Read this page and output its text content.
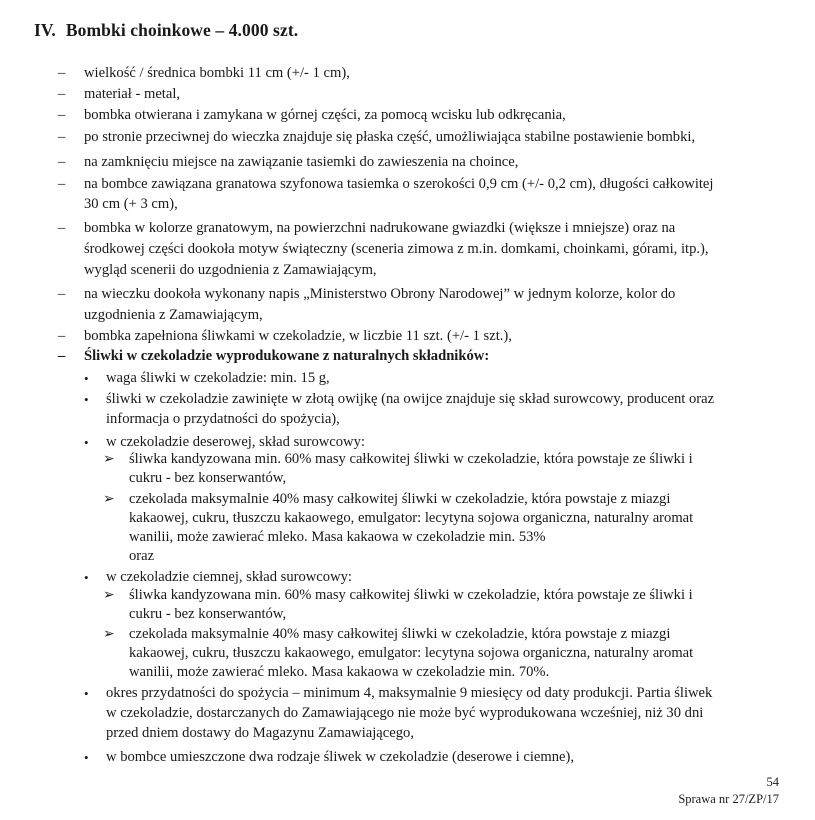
IV. Bombki choinkowe – 4.000 szt.
– wielkość / średnica bombki 11 cm (+/- 1 cm),
– materiał - metal,
– bombka otwierana i zamykana w górnej części, za pomocą wcisku lub odkręcania,
– po stronie przeciwnej do wieczka znajduje się płaska część, umożliwiająca stabilne postawienie bombki,
– na zamknięciu miejsce na zawiązanie tasiemki do zawieszenia na choince,
– na bombce zawiązana granatowa szyfonowa tasiemka o szerokości 0,9 cm (+/- 0,2 cm), długości całkowitej
30 cm (+ 3 cm),
– bombka w kolorze granatowym, na powierzchni nadrukowane gwiazdki (większe i mniejsze) oraz na
środkowej części dookoła motyw świąteczny (sceneria zimowa z m.in. domkami, choinkami, górami, itp.),
wygląd scenerii do uzgodnienia z Zamawiającym,
– na wieczku dookoła wykonany napis „Ministerstwo Obrony Narodowej” w jednym kolorze, kolor do
uzgodnienia z Zamawiającym,
– bombka zapełniona śliwkami w czekoladzie, w liczbie 11 szt. (+/- 1 szt.),
– Śliwki w czekoladzie wyprodukowane z naturalnych składników:
• waga śliwki w czekoladzie: min. 15 g,
• śliwki w czekoladzie zawinięte w złotą owijkę (na owijce znajduje się skład surowcowy, producent oraz
informacja o przydatności do spożycia),
• w czekoladzie deserowej, skład surowcowy:
➢ śliwka kandyzowana min. 60% masy całkowitej śliwki w czekoladzie, która powstaje ze śliwki i
cukru - bez konserwantów,
➢ czekolada maksymalnie 40% masy całkowitej śliwki w czekoladzie, która powstaje z miazgi
kakaowej, cukru, tłuszczu kakaowego, emulgator: lecytyna sojowa organiczna, naturalny aromat
wanilii, może zawierać mleko. Masa kakaowa w czekoladzie min. 53%
oraz
• w czekoladzie ciemnej, skład surowcowy:
➢ śliwka kandyzowana min. 60% masy całkowitej śliwki w czekoladzie, która powstaje ze śliwki i
cukru - bez konserwantów,
➢ czekolada maksymalnie 40% masy całkowitej śliwki w czekoladzie, która powstaje z miazgi
kakaowej, cukru, tłuszczu kakaowego, emulgator: lecytyna sojowa organiczna, naturalny aromat
wanilii, może zawierać mleko. Masa kakaowa w czekoladzie min. 70%.
• okres przydatności do spożycia – minimum 4, maksymalnie 9 miesięcy od daty produkcji. Partia śliwek
w czekoladzie, dostarczanych do Zamawiającego nie może być wyprodukowana wcześniej, niż 30 dni
przed dniem dostawy do Magazynu Zamawiającego,
• w bombce umieszczone dwa rodzaje śliwek w czekoladzie (deserowe i ciemne),
54
Sprawa nr 27/ZP/17
